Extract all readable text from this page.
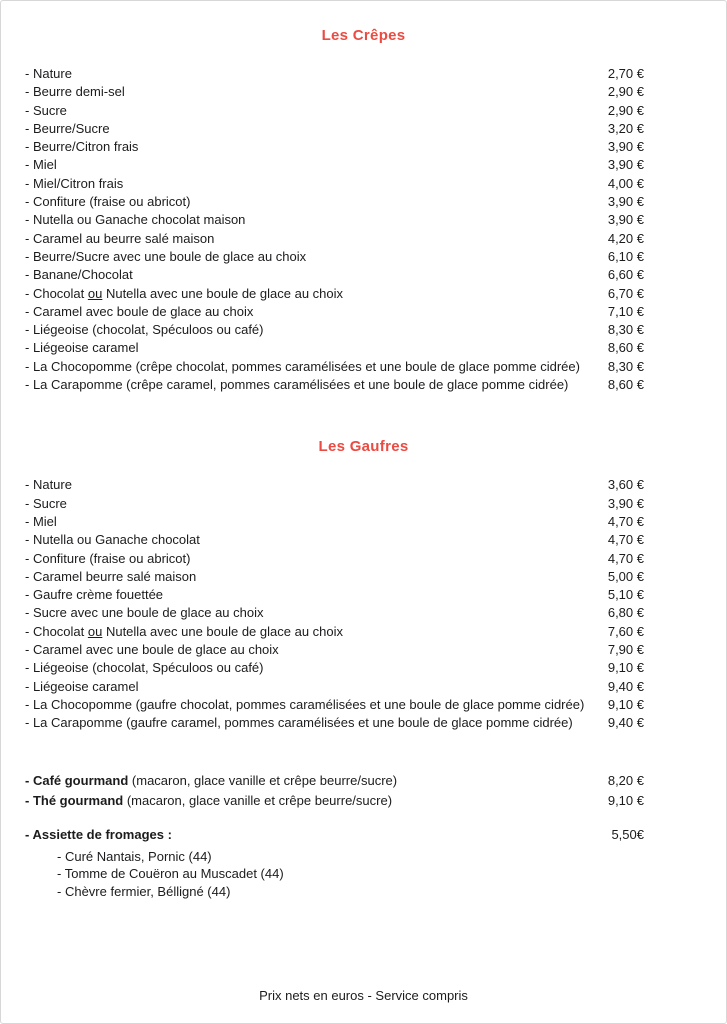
Les Crêpes
- Nature	2,70 €
- Beurre demi-sel	2,90 €
- Sucre	2,90 €
- Beurre/Sucre	3,20 €
- Beurre/Citron frais	3,90 €
- Miel	3,90 €
- Miel/Citron frais	4,00 €
- Confiture (fraise ou abricot)	3,90 €
- Nutella ou Ganache chocolat maison	3,90 €
- Caramel au beurre salé maison	4,20 €
- Beurre/Sucre avec une boule de glace au choix	6,10 €
- Banane/Chocolat	6,60 €
- Chocolat ou Nutella avec une boule de glace au choix	6,70 €
- Caramel avec boule de glace au choix	7,10 €
- Liégeoise (chocolat, Spéculoos ou café)	8,30 €
- Liégeoise caramel	8,60 €
- La Chocopomme (crêpe chocolat, pommes caramélisées et une boule de glace pomme cidrée)	8,30 €
- La Carapomme (crêpe caramel, pommes caramélisées et une boule de glace pomme cidrée)	8,60 €
Les Gaufres
- Nature	3,60 €
- Sucre	3,90 €
- Miel	4,70 €
- Nutella ou Ganache chocolat	4,70 €
- Confiture (fraise ou abricot)	4,70 €
- Caramel beurre salé maison	5,00 €
- Gaufre crème fouettée	5,10 €
- Sucre avec une boule de glace au choix	6,80 €
- Chocolat ou Nutella avec une boule de glace au choix	7,60 €
- Caramel avec une boule de glace au choix	7,90 €
- Liégeoise (chocolat, Spéculoos ou café)	9,10 €
- Liégeoise caramel	9,40 €
- La Chocopomme (gaufre chocolat, pommes caramélisées et une boule de glace pomme cidrée)	9,10 €
- La Carapomme (gaufre caramel, pommes caramélisées et une boule de glace pomme cidrée)	9,40 €
- Café gourmand (macaron, glace vanille et crêpe beurre/sucre)	8,20 €
- Thé gourmand (macaron, glace vanille et crêpe beurre/sucre)	9,10 €
- Assiette de fromages :	5,50€
- Curé Nantais, Pornic (44)
- Tomme de Couëron au Muscadet (44)
- Chèvre fermier, Bélligné (44)
Prix nets en euros - Service compris
